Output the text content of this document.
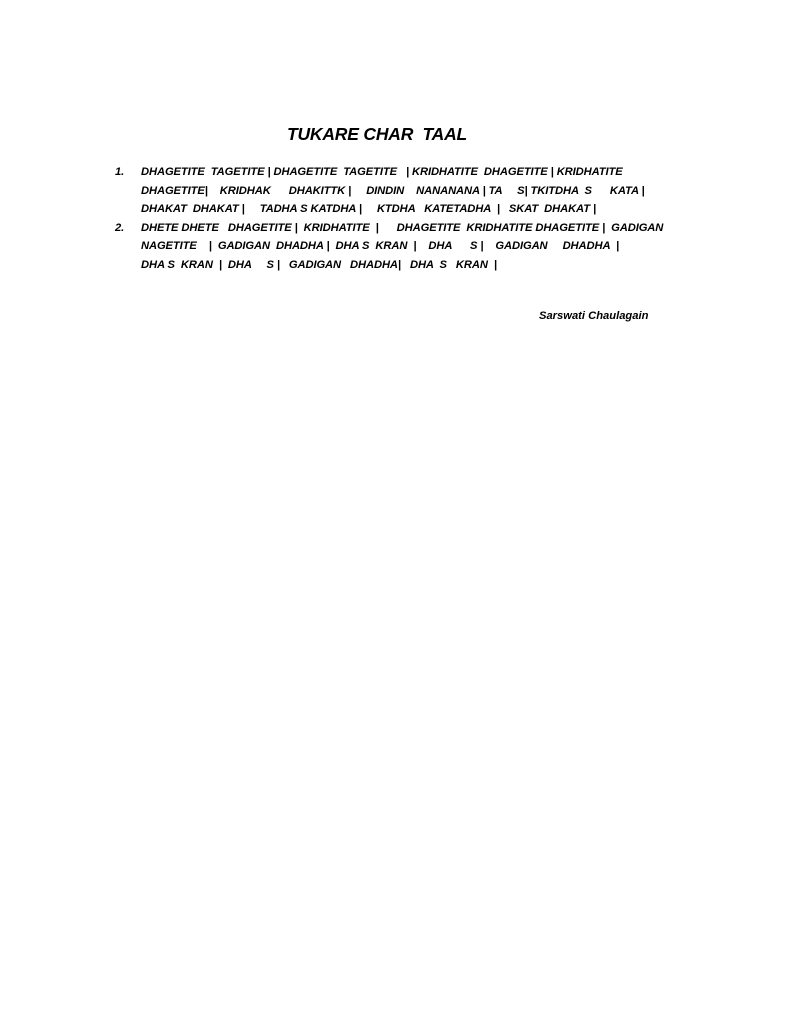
TUKARE CHAR  TAAL
1.	DHAGETITE  TAGETITE | DHAGETITE  TAGETITE   | KRIDHATITE  DHAGETITE | KRIDHATITE
DHAGETITE|    KRIDHAK      DHAKITTK |     DINDIN    NANANANA | TA     S| TKITDHA  S      KATA |
DHAKAT  DHAKAT |     TADHA S KATDHA |     KTDHA   KATETADHA  |   SKAT  DHAKAT |
2.	DHETE DHETE   DHAGETITE |  KRIDHATITE  |      DHAGETITE  KRIDHATITE DHAGETITE |  GADIGAN
NAGETITE    |  GADIGAN  DHADHA |  DHA S  KRAN  |    DHA      S |    GADIGAN     DHADHA  |
DHA S  KRAN  |  DHA     S |   GADIGAN   DHADHA|   DHA  S   KRAN  |
Sarswati Chaulagain
